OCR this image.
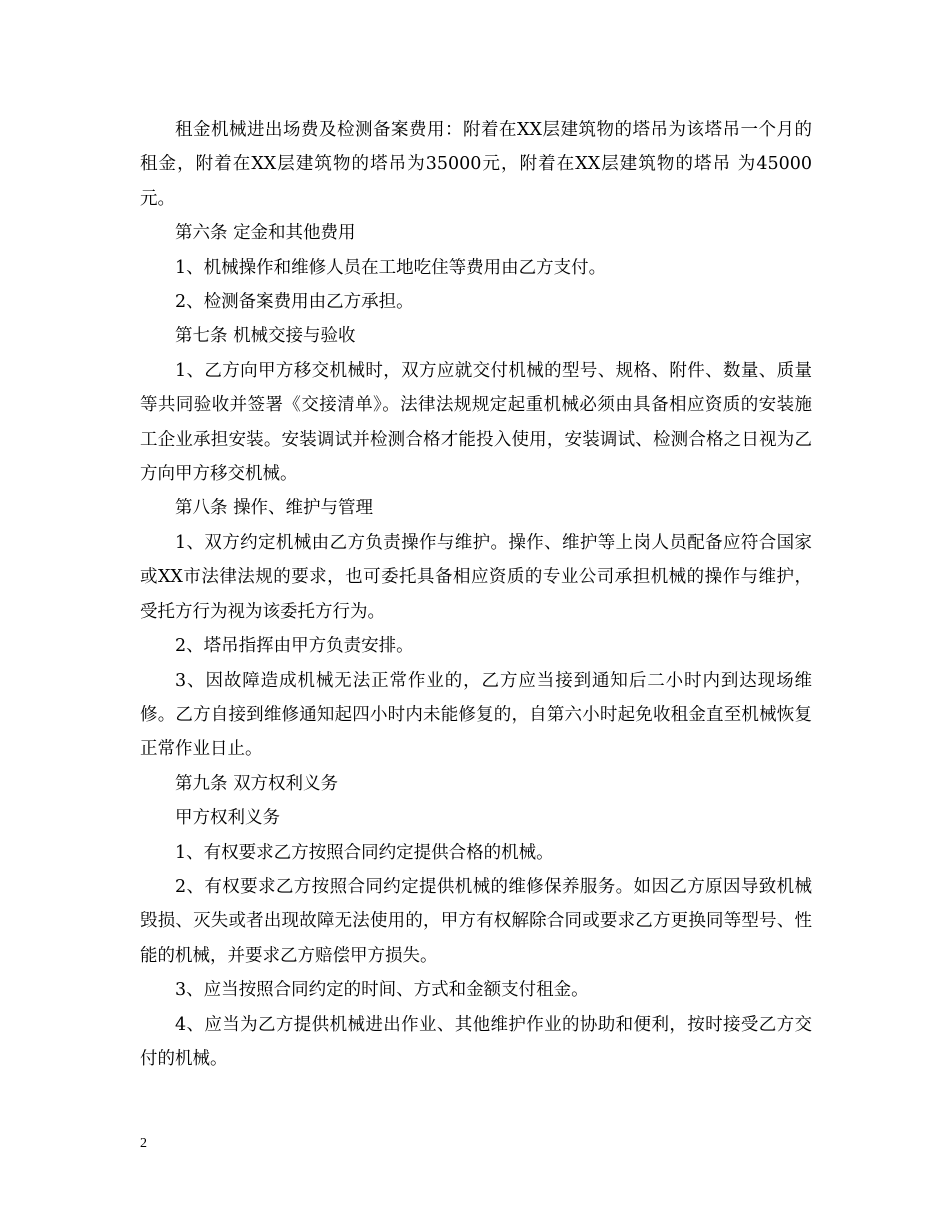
租金机械进出场费及检测备案费用：附着在XX层建筑物的塔吊为该塔吊一个月的租金，附着在XX层建筑物的塔吊为35000元，附着在XX层建筑物的塔吊 为45000元。

第六条 定金和其他费用

1、机械操作和维修人员在工地吃住等费用由乙方支付。

2、检测备案费用由乙方承担。

第七条 机械交接与验收

1、乙方向甲方移交机械时，双方应就交付机械的型号、规格、附件、数量、质量等共同验收并签署《交接清单》。法律法规规定起重机械必须由具备相应资质的安装施工企业承担安装。安装调试并检测合格才能投入使用，安装调试、检测合格之日视为乙方向甲方移交机械。

第八条 操作、维护与管理

1、双方约定机械由乙方负责操作与维护。操作、维护等上岗人员配备应符合国家或XX市法律法规的要求，也可委托具备相应资质的专业公司承担机械的操作与维护，受托方行为视为该委托方行为。

2、塔吊指挥由甲方负责安排。

3、因故障造成机械无法正常作业的，乙方应当接到通知后二小时内到达现场维修。乙方自接到维修通知起四小时内未能修复的，自第六小时起免收租金直至机械恢复正常作业日止。

第九条 双方权利义务

甲方权利义务

1、有权要求乙方按照合同约定提供合格的机械。

2、有权要求乙方按照合同约定提供机械的维修保养服务。如因乙方原因导致机械毁损、灭失或者出现故障无法使用的，甲方有权解除合同或要求乙方更换同等型号、性能的机械，并要求乙方赔偿甲方损失。

3、应当按照合同约定的时间、方式和金额支付租金。

4、应当为乙方提供机械进出作业、其他维护作业的协助和便利，按时接受乙方交付的机械。

2
